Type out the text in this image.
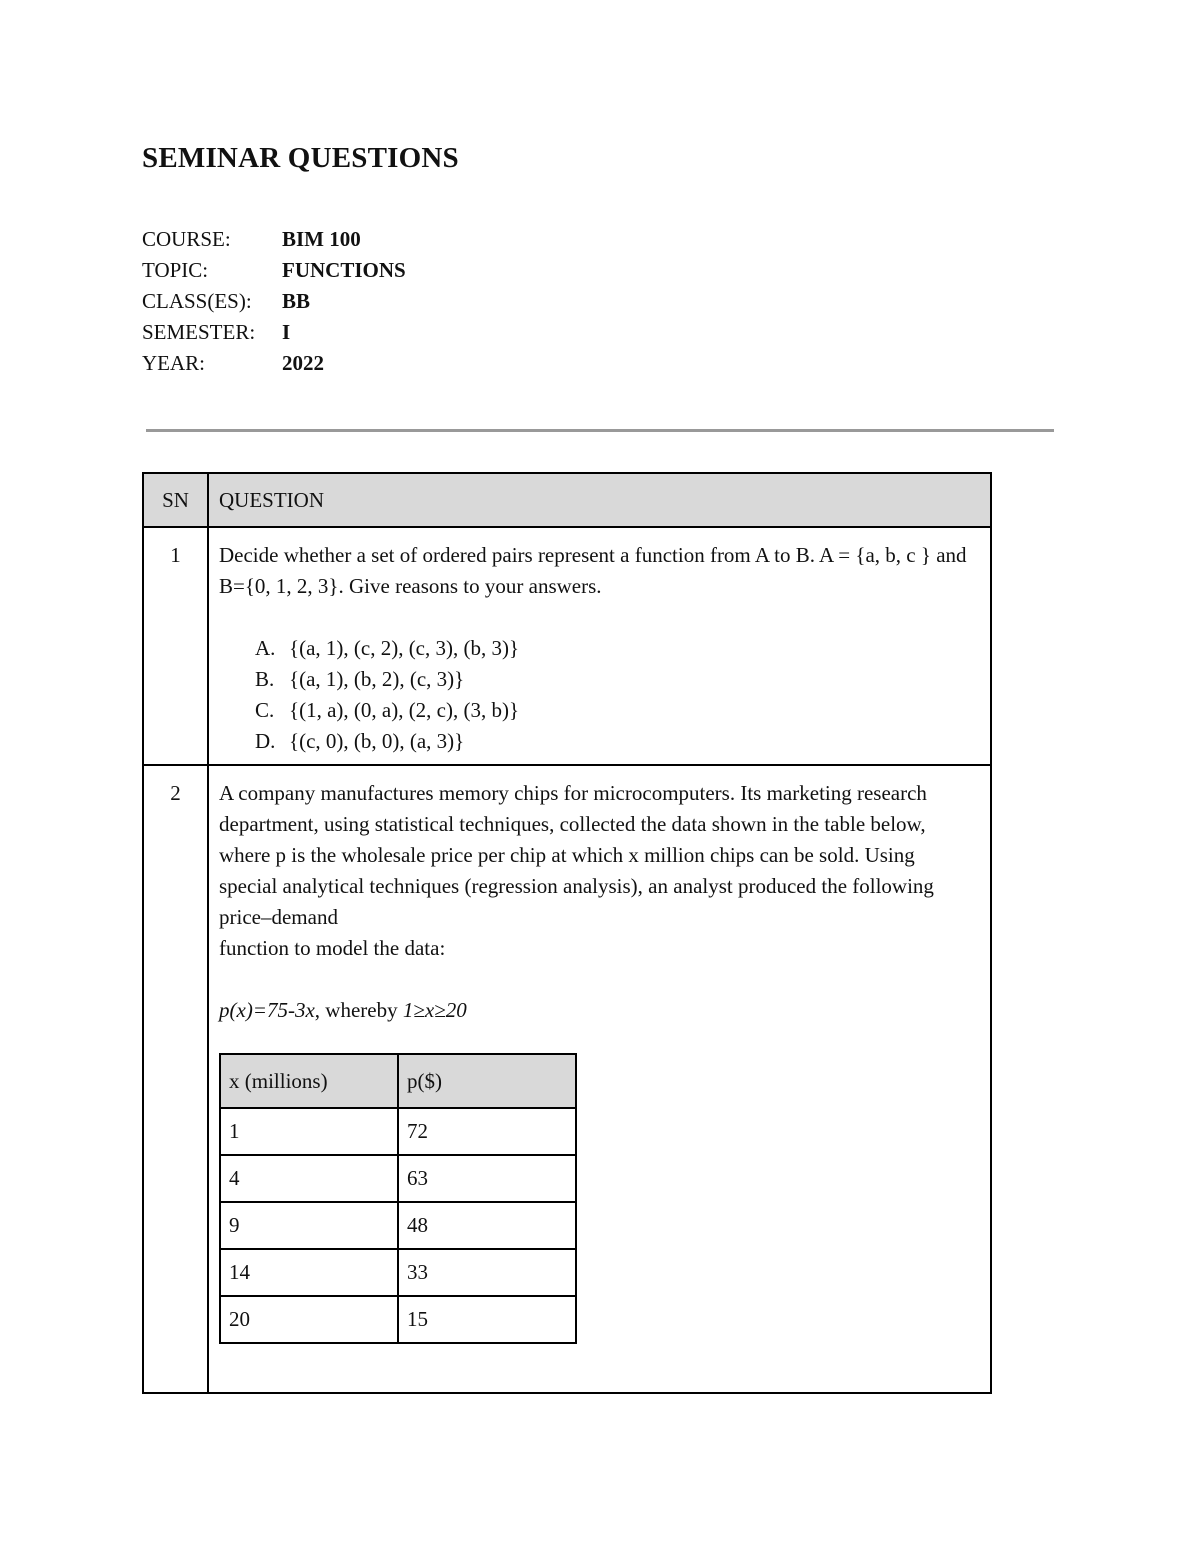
SEMINAR QUESTIONS
COURSE:	BIM 100
TOPIC:	FUNCTIONS
CLASS(ES):	BB
SEMESTER:	I
YEAR:	2022
SN	QUESTION
1	Decide whether a set of ordered pairs represent a function from A to B. A = {a, b, c } and B={0, 1, 2, 3}. Give reasons to your answers.
A. {(a, 1), (c, 2), (c, 3), (b, 3)}
B. {(a, 1), (b, 2), (c, 3)}
C. {(1, a), (0, a), (2, c), (3, b)}
D. {(c, 0), (b, 0), (a, 3)}

2	A company manufactures memory chips for microcomputers. Its marketing research department, using statistical techniques, collected the data shown in the table below, where p is the wholesale price per chip at which x million chips can be sold. Using special analytical techniques (regression analysis), an analyst produced the following price–demand
function to model the data:
p(x)=75-3x, whereby 1≥x≥20
x (millions)	p($)
1	72
4	63
9	48
14	33
20	15
